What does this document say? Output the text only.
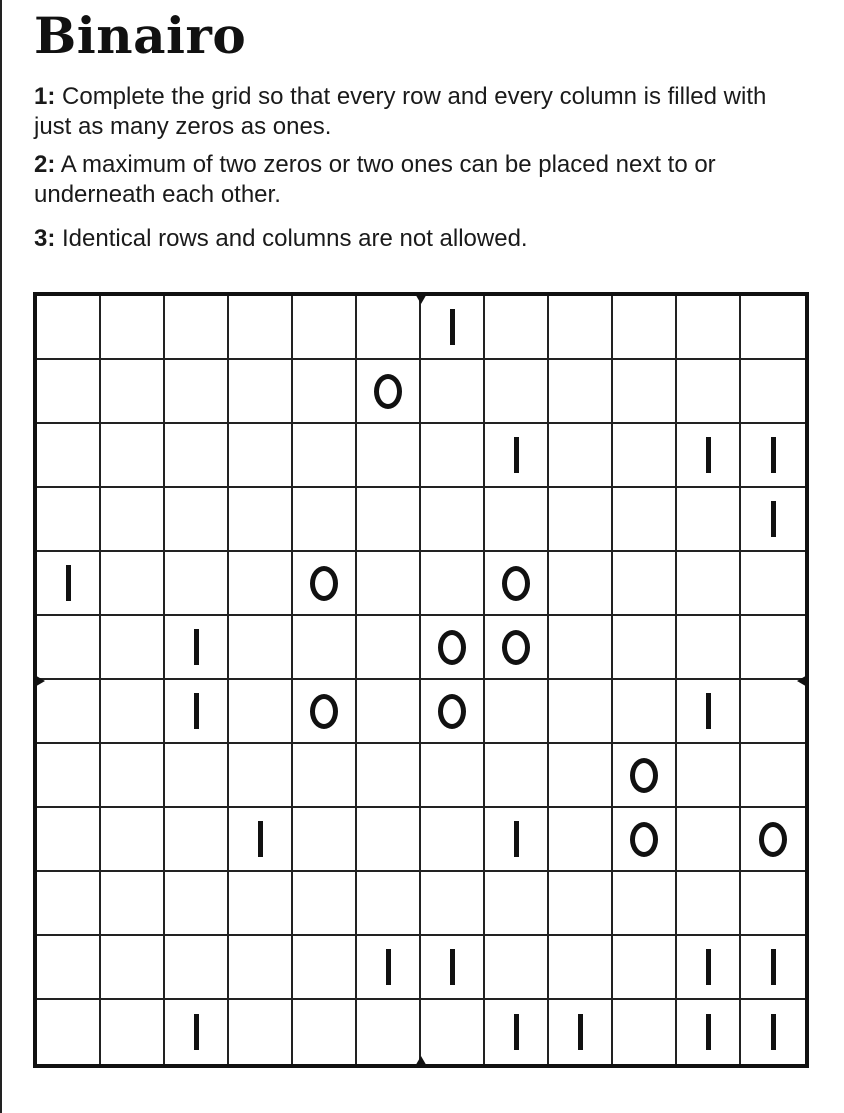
Binairo
1: Complete the grid so that every row and every column is filled with just as many zeros as ones.
2: A maximum of two zeros or two ones can be placed next to or underneath each other.
3: Identical rows and columns are not allowed.
